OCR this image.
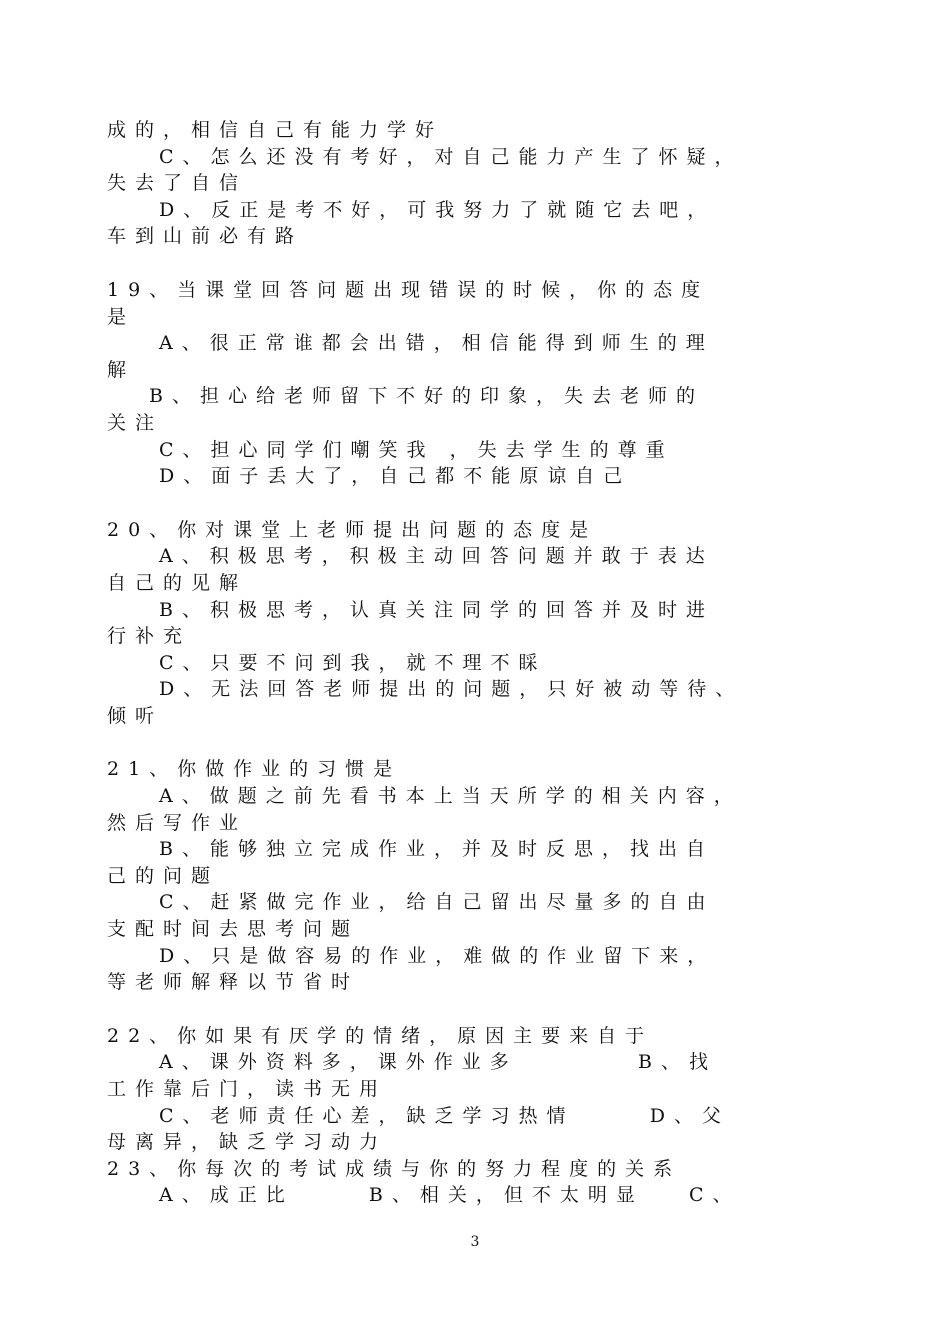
成的，相信自己有能力学好
C、怎么还没有考好，对自己能力产生了怀疑，
失去了自信
D、反正是考不好，可我努力了就随它去吧，
车到山前必有路
19、当课堂回答问题出现错误的时候，你的态度
是
A、很正常谁都会出错，相信能得到师生的理
解
B、担心给老师留下不好的印象，失去老师的
关注
C、担心同学们嘲笑我 ，失去学生的尊重
D、面子丢大了，自己都不能原谅自己
20、你对课堂上老师提出问题的态度是
A、积极思考，积极主动回答问题并敢于表达
自己的见解
B、积极思考，认真关注同学的回答并及时进
行补充
C、只要不问到我，就不理不睬
D、无法回答老师提出的问题，只好被动等待、
倾听
21、你做作业的习惯是
A、做题之前先看书本上当天所学的相关内容，
然后写作业
B、能够独立完成作业，并及时反思，找出自
己的问题
C、赶紧做完作业，给自己留出尽量多的自由
支配时间去思考问题
D、只是做容易的作业，难做的作业留下来，
等老师解释以节省时
22、你如果有厌学的情绪，原因主要来自于
A、课外资料多，课外作业多        B、找
工作靠后门，读书无用
C、老师责任心差，缺乏学习热情     D、父
母离异，缺乏学习动力
23、你每次的考试成绩与你的努力程度的关系
A、成正比     B、相关，但不太明显   C、
3
